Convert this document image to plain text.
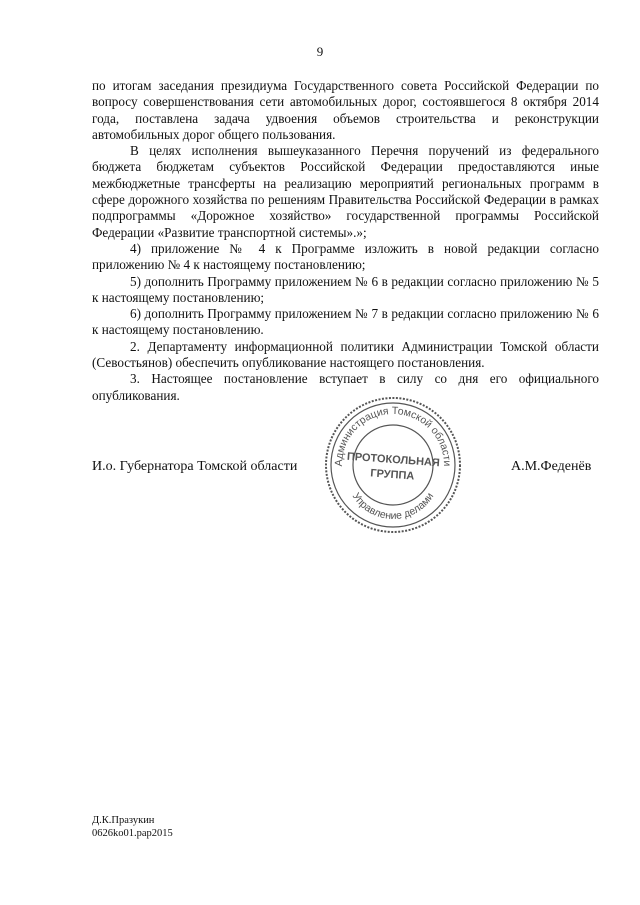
9

по итогам заседания президиума Государственного совета Российской Федерации по вопросу совершенствования сети автомобильных дорог, состоявшегося 8 октября 2014 года, поставлена задача удвоения объемов строительства и реконструкции автомобильных дорог общего пользования.

В целях исполнения вышеуказанного Перечня поручений из федерального бюджета бюджетам субъектов Российской Федерации предоставляются иные межбюджетные трансферты на реализацию мероприятий региональных программ в сфере дорожного хозяйства по решениям Правительства Российской Федерации в рамках подпрограммы «Дорожное хозяйство» государственной программы Российской Федерации «Развитие транспортной системы».»;

4) приложение № 4 к Программе изложить в новой редакции согласно приложению № 4 к настоящему постановлению;

5) дополнить Программу приложением № 6 в редакции согласно приложению № 5 к настоящему постановлению;

6) дополнить Программу приложением № 7 в редакции согласно приложению № 6 к настоящему постановлению.

2. Департаменту информационной политики Администрации Томской области (Севостьянов) обеспечить опубликование настоящего постановления.

3. Настоящее постановление вступает в силу со дня его официального опубликования.

И.о. Губернатора Томской области	Администрация Томской области
Управление делами
ПРОТОКОЛЬНАЯ
ГРУППА
А.М.Феденёв
Д.К.Празукин
0626ko01.pap2015
